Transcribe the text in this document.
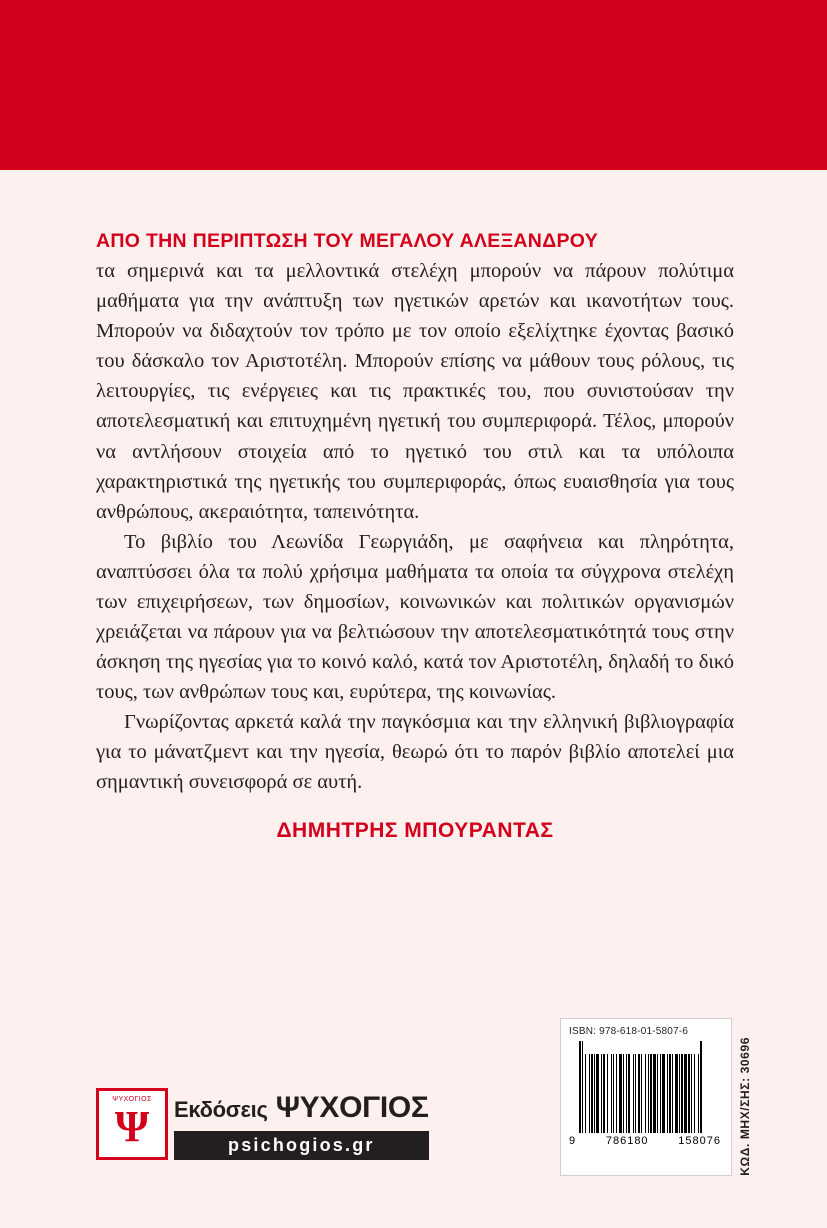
ΑΠΟ ΤΗΝ ΠΕΡΙΠΤΩΣΗ ΤΟΥ ΜΕΓΑΛΟΥ ΑΛΕΞΑΝΔΡΟΥ

τα σημερινά και τα μελλοντικά στελέχη μπορούν να πάρουν πολύτιμα μαθήματα για την ανάπτυξη των ηγετικών αρετών και ικανοτήτων τους. Μπορούν να διδαχτούν τον τρόπο με τον οποίο εξελίχτηκε έχοντας βασικό του δάσκαλο τον Αριστοτέλη. Μπορούν επίσης να μάθουν τους ρόλους, τις λειτουργίες, τις ενέργειες και τις πρακτικές του, που συνιστούσαν την αποτελεσματική και επιτυχημένη ηγετική του συμπεριφορά. Τέλος, μπορούν να αντλήσουν στοιχεία από το ηγετικό του στιλ και τα υπόλοιπα χαρακτηριστικά της ηγετικής του συμπεριφοράς, όπως ευαισθησία για τους ανθρώπους, ακεραιότητα, ταπεινότητα.

Το βιβλίο του Λεωνίδα Γεωργιάδη, με σαφήνεια και πληρότητα, αναπτύσσει όλα τα πολύ χρήσιμα μαθήματα τα οποία τα σύγχρονα στελέχη των επιχειρήσεων, των δημοσίων, κοινωνικών και πολιτικών οργανισμών χρειάζεται να πάρουν για να βελτιώσουν την αποτελεσματικότητά τους στην άσκηση της ηγεσίας για το κοινό καλό, κατά τον Αριστοτέλη, δηλαδή το δικό τους, των ανθρώπων τους και, ευρύτερα, της κοινωνίας.

Γνωρίζοντας αρκετά καλά την παγκόσμια και την ελληνική βιβλιογραφία για το μάνατζμεντ και την ηγεσία, θεωρώ ότι το παρόν βιβλίο αποτελεί μια σημαντική συνεισφορά σε αυτή.

ΔΗΜΗΤΡΗΣ ΜΠΟΥΡΑΝΤΑΣ
ΨΥΧΟΓΙΟΣ
Ψ	Εκδόσεις ΨΥΧΟΓΙΟΣ
psichogios.gr
ISBN: 978-618-01-5807-6
9	786180	158076 ΚΩΔ. ΜΗΧ/ΣΗΣ: 30696
